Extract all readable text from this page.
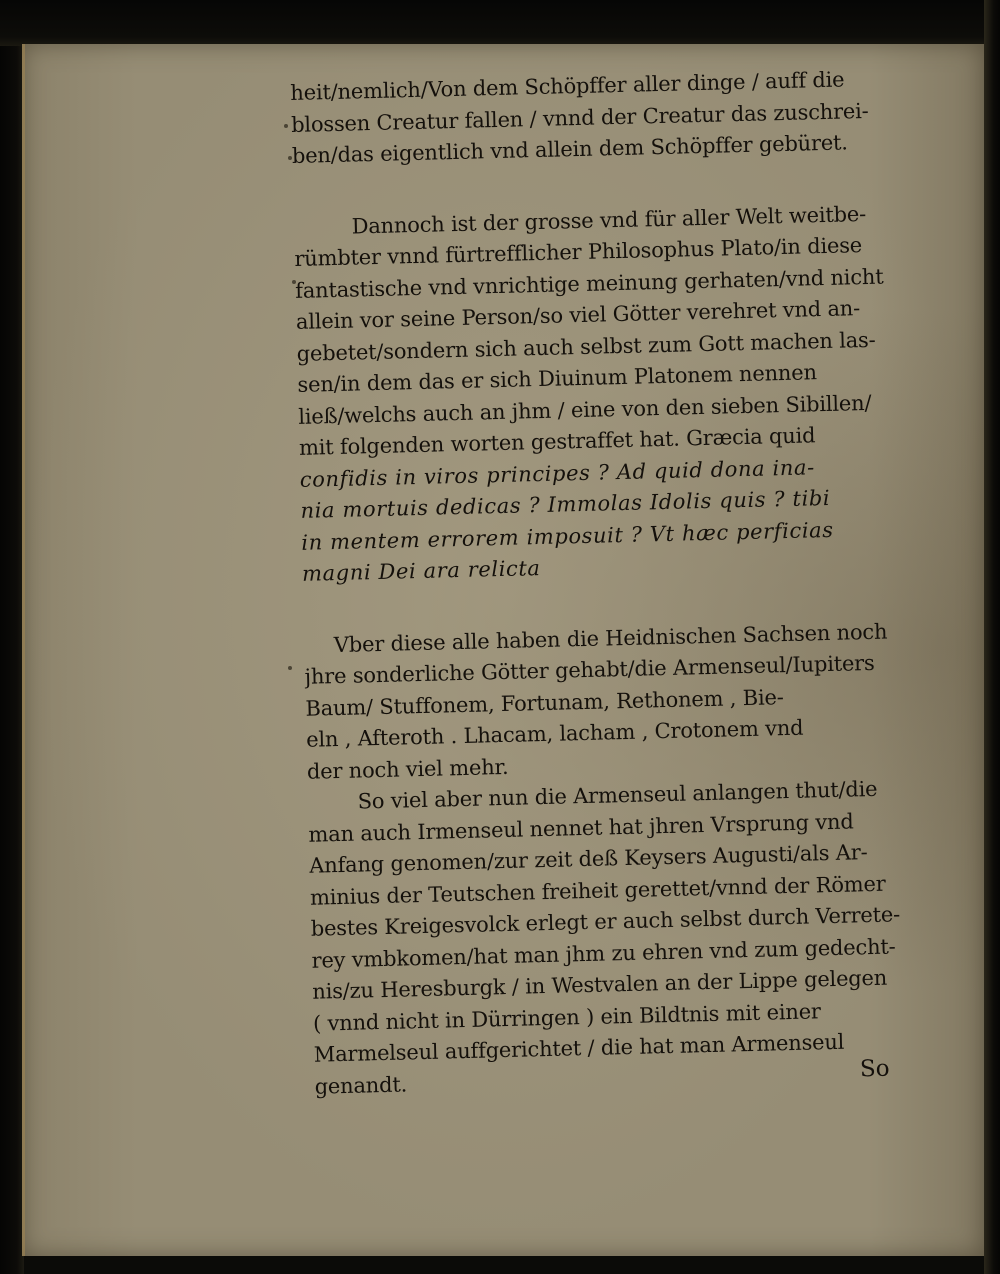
heit/nemlich/Von dem Schöpffer aller dinge / auff die
blossen Creatur fallen / vnnd der Creatur das zuschrei-
ben/das eigentlich vnd allein dem Schöpffer gebüret.

Dannoch ist der grosse vnd für aller Welt weitbe-
rümbter vnnd fürtrefflicher Philosophus Plato/in diese
fantastische vnd vnrichtige meinung gerhaten/vnd nicht
allein vor seine Person/so viel Götter verehret vnd an-
gebetet/sondern sich auch selbst zum Gott machen las-
sen/in dem das er sich Diuinum Platonem nennen
ließ/welchs auch an jhm / eine von den sieben Sibillen/
mit folgenden worten gestraffet hat. Græcia quid
confidis in viros principes ? Ad quid dona ina-
nia mortuis dedicas ? Immolas Idolis quis ? tibi
in mentem errorem imposuit ? Vt hæc perficias
magni Dei ara relicta

Vber diese alle haben die Heidnischen Sachsen noch
jhre sonderliche Götter gehabt/die Armenseul/Iupiters
Baum/ Stuffonem, Fortunam, Rethonem , Bie-
eln , Afteroth . Lhacam, lacham , Crotonem vnd
der noch viel mehr.

So viel aber nun die Armenseul anlangen thut/die
man auch Irmenseul nennet hat jhren Vrsprung vnd
Anfang genomen/zur zeit deß Keysers Augusti/als Ar-
minius der Teutschen freiheit gerettet/vnnd der Römer
bestes Kreigesvolck erlegt er auch selbst durch Verrete-
rey vmbkomen/hat man jhm zu ehren vnd zum gedecht-
nis/zu Heresburgk / in Westvalen an der Lippe gelegen
( vnnd nicht in Dürringen ) ein Bildtnis mit einer
Marmelseul auffgerichtet / die hat man Armenseul
genandt.

So
